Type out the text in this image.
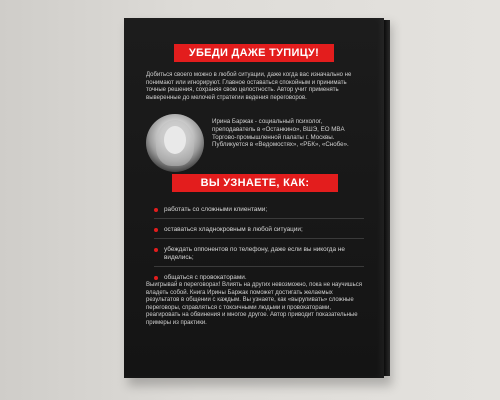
УБЕДИ ДАЖЕ ТУПИЦУ!
Добиться своего можно в любой ситуации, даже когда вас изначально не понимают или игнорируют. Главное оставаться спокойным и принимать точные решения, сохраняя свою целостность. Автор учит применять выверенные до мелочей стратегии ведения переговоров.
Ирина Баржак - социальный психолог, преподаватель в «Останкино», ВШЭ, ЕО MBA Торгово-промышленной палаты г. Москвы. Публикуется в «Ведомостях», «РБК», «Снобе».
ВЫ УЗНАЕТЕ, КАК:
работать со сложными клиентами;
оставаться хладнокровным в любой ситуации;
убеждать оппонентов по телефону, даже если вы никогда не виделись;
общаться с провокаторами.
Выигрывай в переговорах! Влиять на других невозможно, пока не научишься владеть собой. Книга Ирины Баржак поможет достигать желаемых результатов в общении с каждым. Вы узнаете, как «выруливать» сложные переговоры, справляться с токсичными людьми и провокаторами, реагировать на обвинения и многое другое. Автор приводит показательные примеры из практики.
